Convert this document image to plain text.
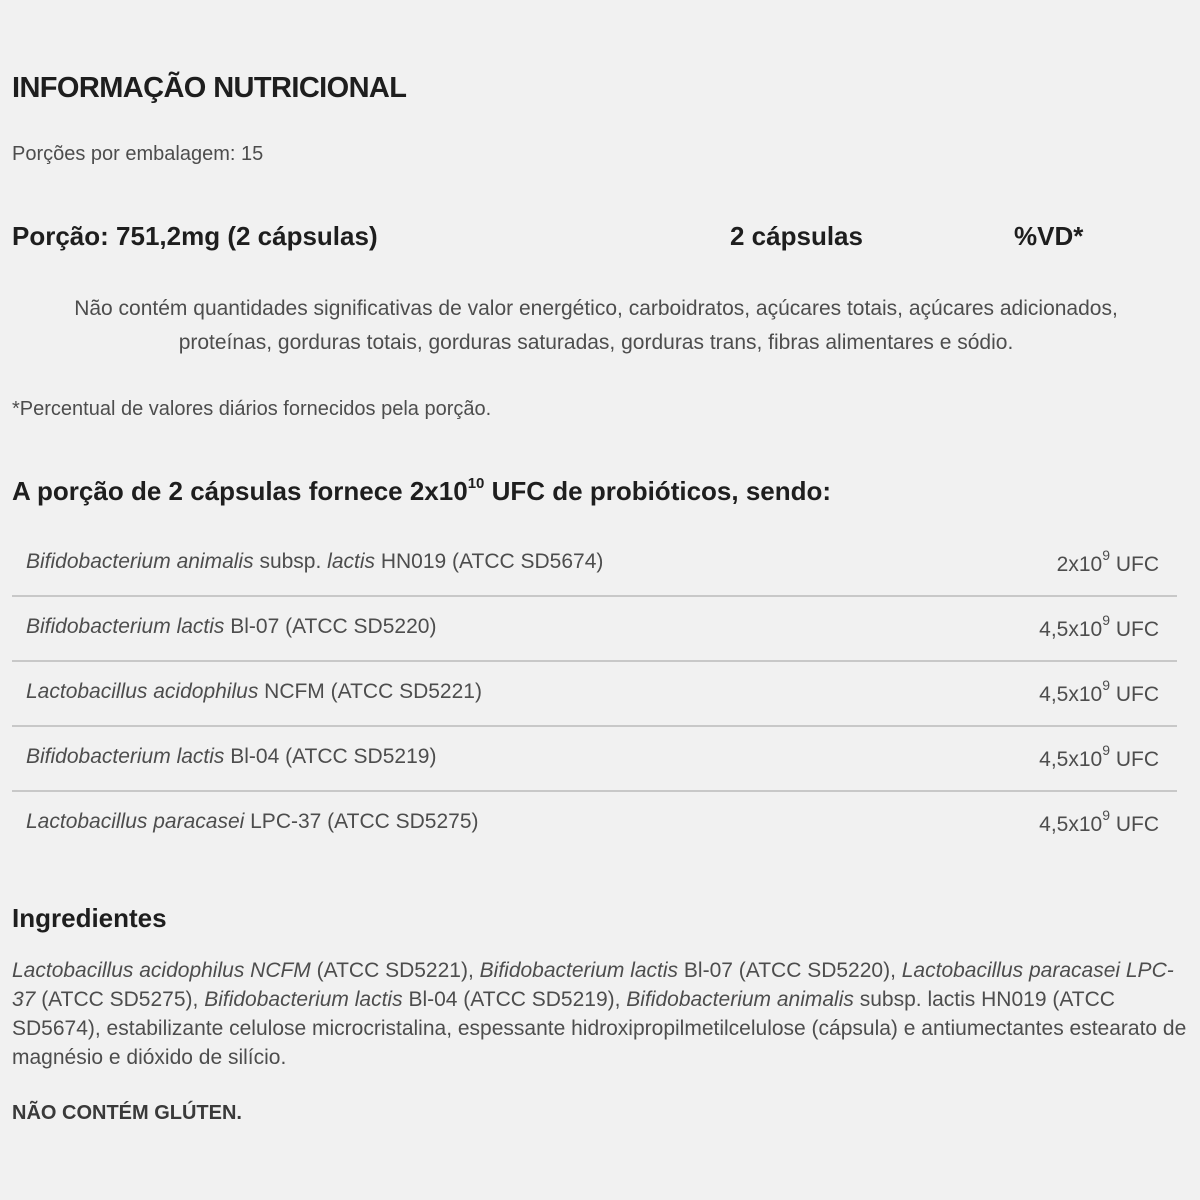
INFORMAÇÃO NUTRICIONAL
Porções por embalagem: 15
Porção: 751,2mg (2 cápsulas)	2 cápsulas	%VD*
Não contém quantidades significativas de valor energético, carboidratos, açúcares totais, açúcares adicionados, proteínas, gorduras totais, gorduras saturadas, gorduras trans, fibras alimentares e sódio.
*Percentual de valores diários fornecidos pela porção.
A porção de 2 cápsulas fornece $2x10^{10}$ UFC de probióticos, sendo:
Bifidobacterium animalis subsp. lactis HN019 (ATCC SD5674)	$2x10^9$ UFC
Bifidobacterium lactis Bl-07 (ATCC SD5220)	$4,5x10^9$ UFC
Lactobacillus acidophilus NCFM (ATCC SD5221)	$4,5x10^9$ UFC
Bifidobacterium lactis Bl-04 (ATCC SD5219)	$4,5x10^9$ UFC
Lactobacillus paracasei LPC-37 (ATCC SD5275)	$4,5x10^9$ UFC
Ingredientes
Lactobacillus acidophilus NCFM (ATCC SD5221), Bifidobacterium lactis Bl-07 (ATCC SD5220), Lactobacillus paracasei LPC-37 (ATCC SD5275), Bifidobacterium lactis Bl-04 (ATCC SD5219), Bifidobacterium animalis subsp. lactis HN019 (ATCC SD5674), estabilizante celulose microcristalina, espessante hidroxipropilmetilcelulose (cápsula) e antiumectantes estearato de magnésio e dióxido de silício.
NÃO CONTÉM GLÚTEN.
